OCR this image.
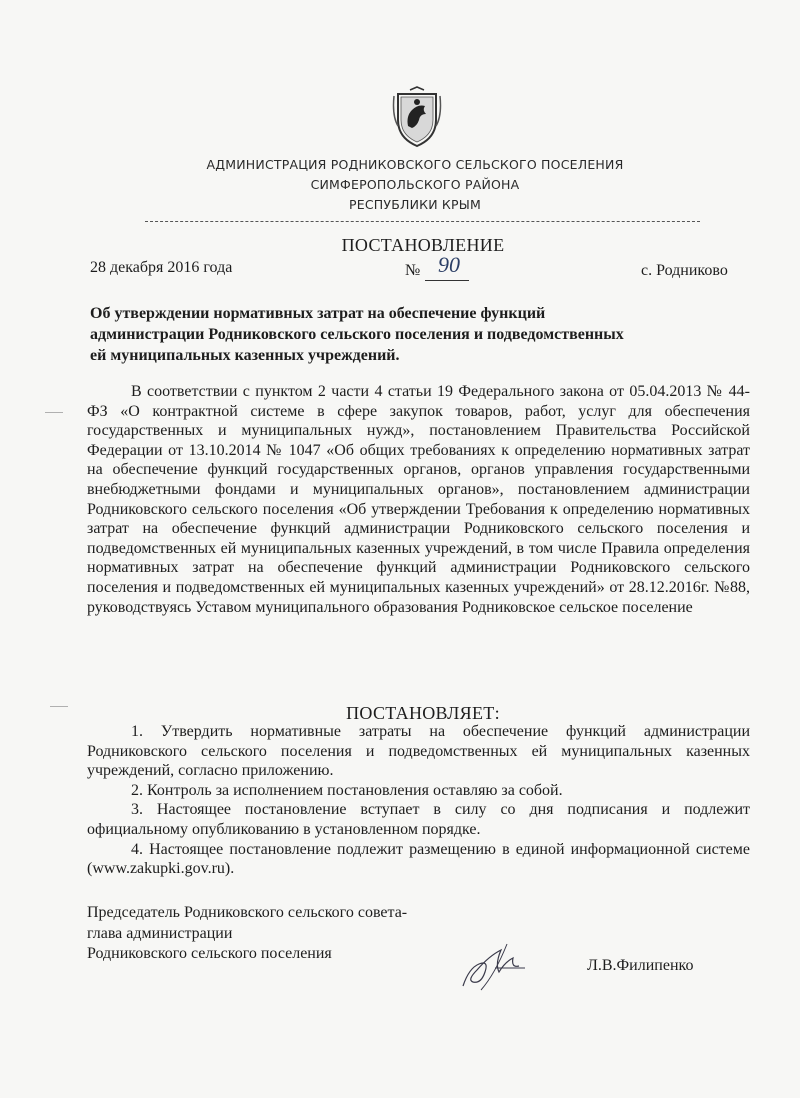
АДМИНИСТРАЦИЯ РОДНИКОВСКОГО СЕЛЬСКОГО ПОСЕЛЕНИЯ
СИМФЕРОПОЛЬСКОГО РАЙОНА
РЕСПУБЛИКИ КРЫМ
ПОСТАНОВЛЕНИЕ
28 декабря 2016 года	№ 90	с. Родниково
Об утверждении нормативных затрат на обеспечение функций администрации Родниковского сельского поселения и подведомственных ей муниципальных казенных учреждений.

В соответствии с пунктом 2 части 4 статьи 19 Федерального закона от 05.04.2013 № 44-ФЗ «О контрактной системе в сфере закупок товаров, работ, услуг для обеспечения государственных и муниципальных нужд», постановлением Правительства Российской Федерации от 13.10.2014 № 1047 «Об общих требованиях к определению нормативных затрат на обеспечение функций государственных органов, органов управления государственными внебюджетными фондами и муниципальных органов», постановлением администрации Родниковского сельского поселения «Об утверждении Требования к определению нормативных затрат на обеспечение функций администрации Родниковского сельского поселения и подведомственных ей муниципальных казенных учреждений, в том числе Правила определения нормативных затрат на обеспечение функций администрации Родниковского сельского поселения и подведомственных ей муниципальных казенных учреждений» от 28.12.2016г. №88, руководствуясь Уставом муниципального образования Родниковское сельское поселение

ПОСТАНОВЛЯЕТ:

1. Утвердить нормативные затраты на обеспечение функций администрации Родниковского сельского поселения и подведомственных ей муниципальных казенных учреждений, согласно приложению.

2. Контроль за исполнением постановления оставляю за собой.

3. Настоящее постановление вступает в силу со дня подписания и подлежит официальному опубликованию в установленном порядке.

4. Настоящее постановление подлежит размещению в единой информационной системе (www.zakupki.gov.ru).

Председатель Родниковского сельского совета-
глава администрации
Родниковского сельского поселения
Л.В.Филипенко
